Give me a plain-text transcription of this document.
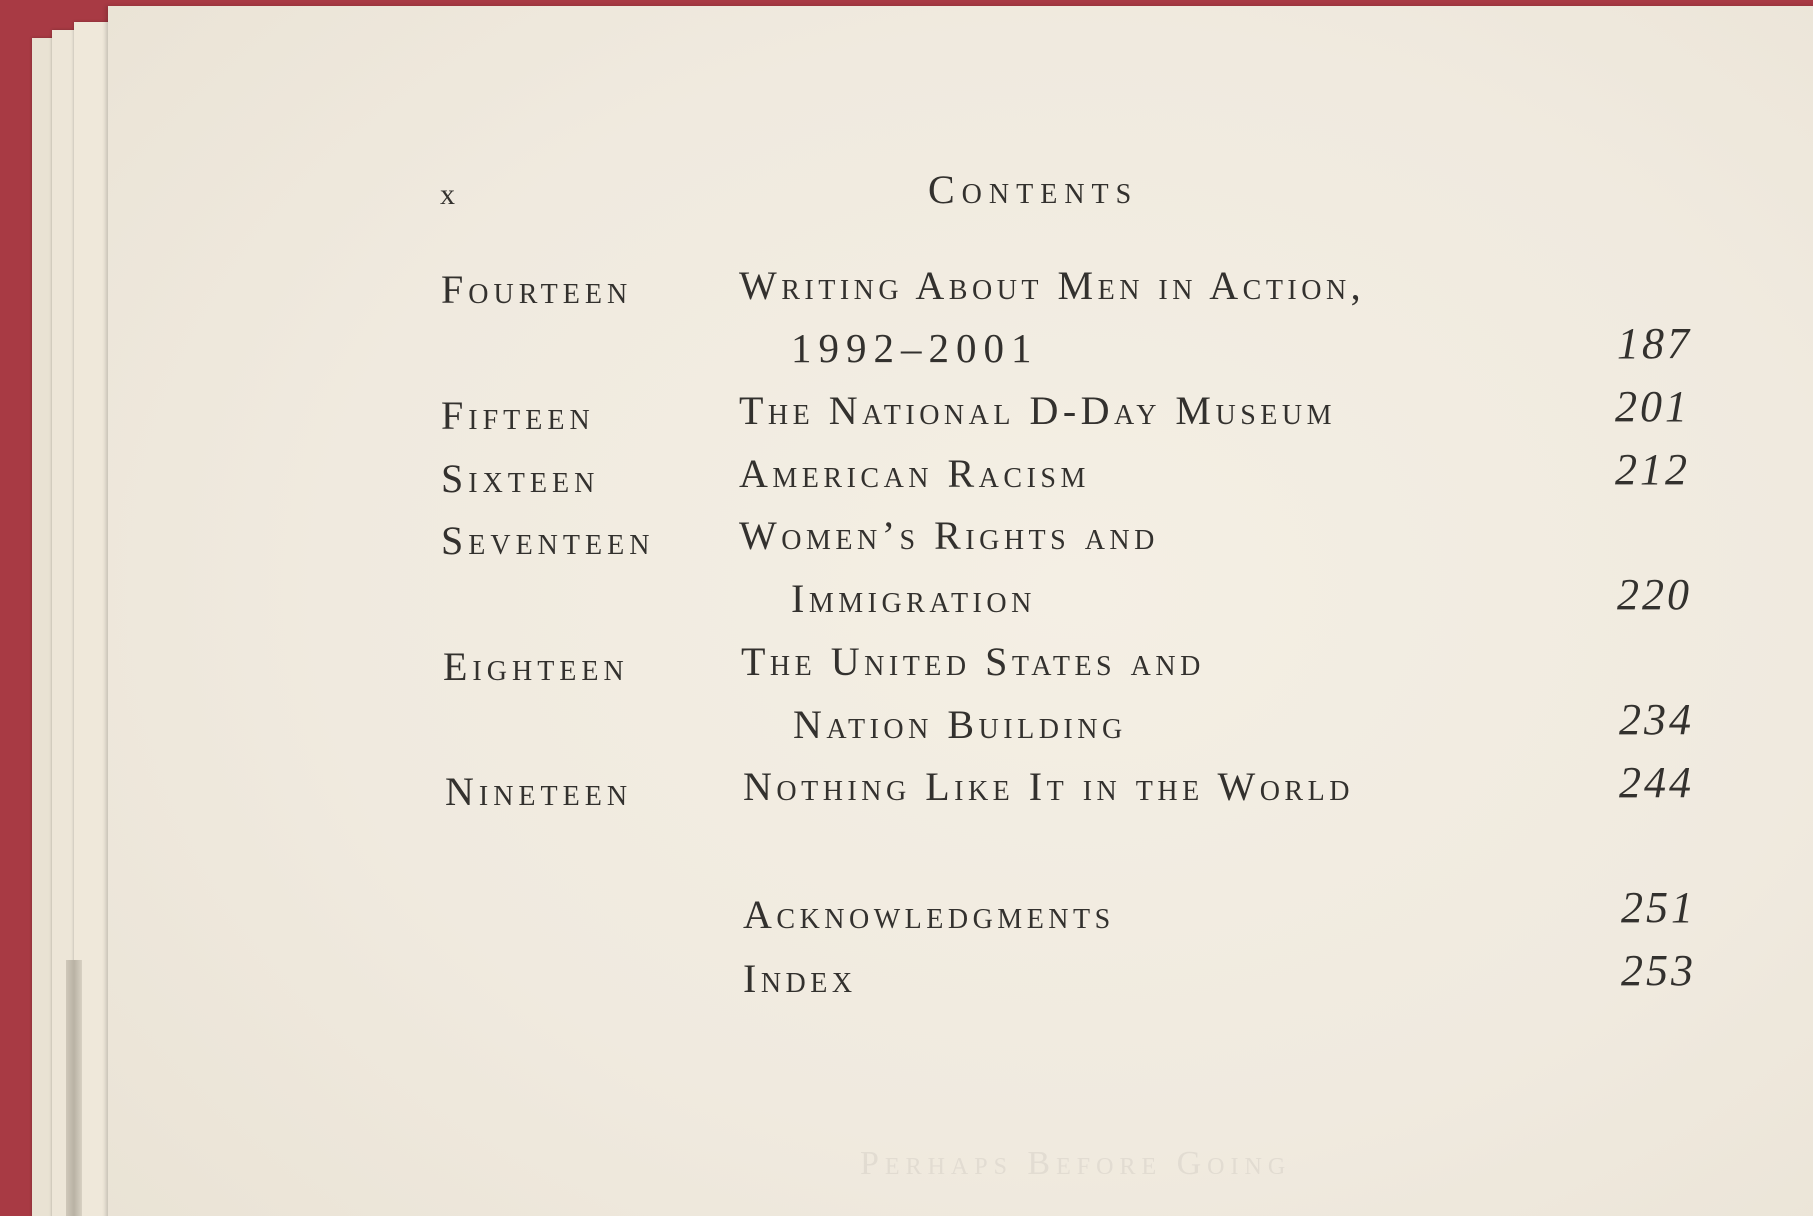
Perhaps Before Going
x	Contents
Fourteen	Writing About Men in Action,
1992–2001	187
Fifteen	The National D-Day Museum	201
Sixteen	American Racism	212
Seventeen Women’s Rights and
Immigration	220
Eighteen	The United States and
Nation Building	234
Nineteen	Nothing Like It in the World	244
Acknowledgments	251
Index	253
